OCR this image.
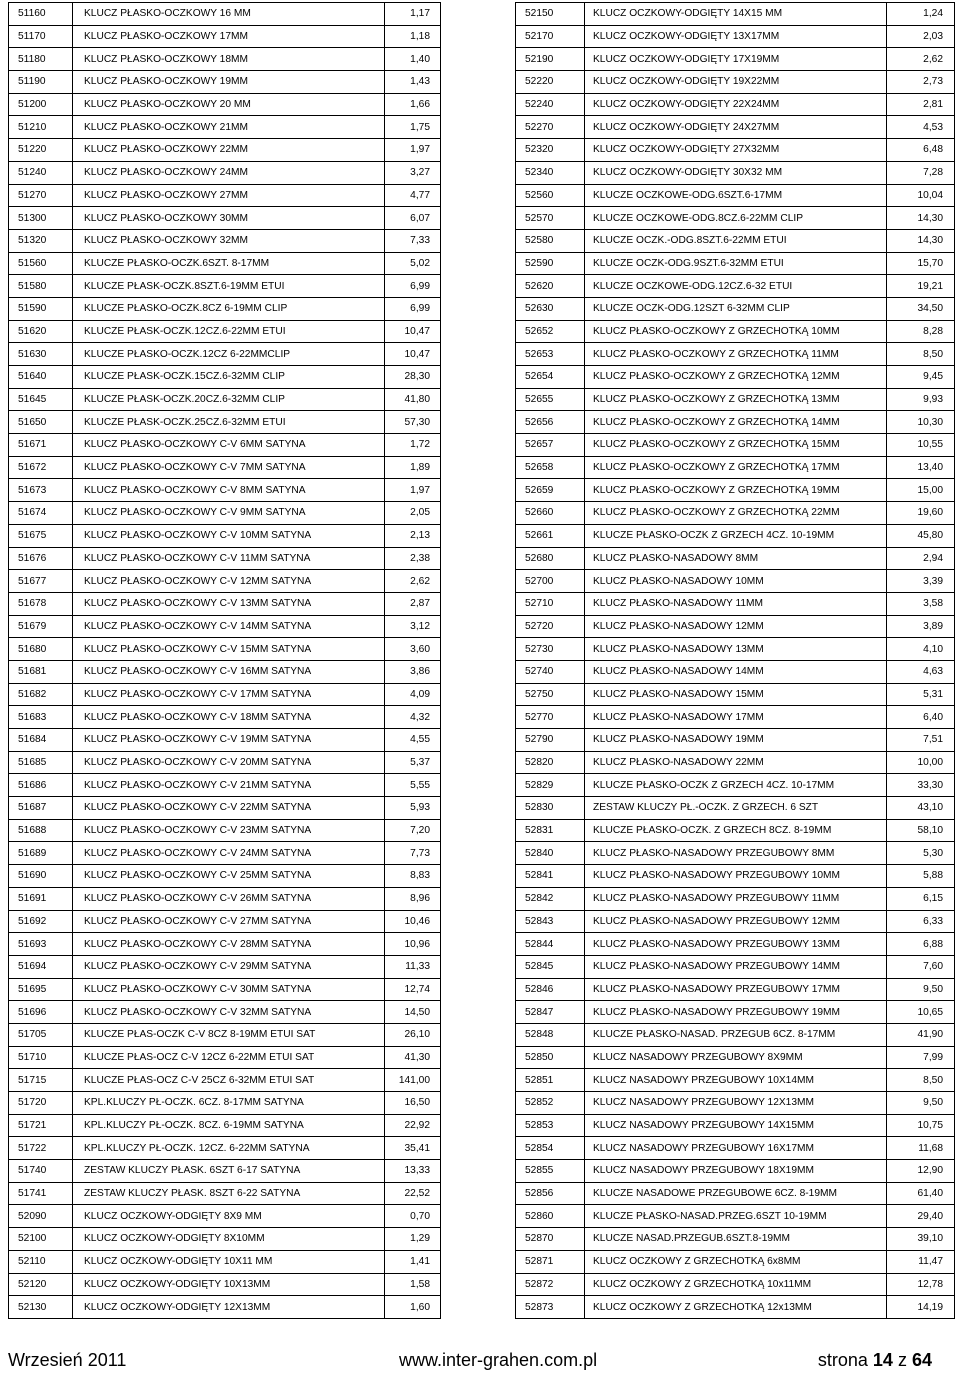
51160	KLUCZ PŁASKO-OCZKOWY 16 MM	1,17
51170	KLUCZ PŁASKO-OCZKOWY 17MM	1,18
51180	KLUCZ PŁASKO-OCZKOWY 18MM	1,40
51190	KLUCZ PŁASKO-OCZKOWY 19MM	1,43
51200	KLUCZ PŁASKO-OCZKOWY 20 MM	1,66
51210	KLUCZ PŁASKO-OCZKOWY 21MM	1,75
51220	KLUCZ PŁASKO-OCZKOWY 22MM	1,97
51240	KLUCZ PŁASKO-OCZKOWY 24MM	3,27
51270	KLUCZ PŁASKO-OCZKOWY 27MM	4,77
51300	KLUCZ PŁASKO-OCZKOWY 30MM	6,07
51320	KLUCZ PŁASKO-OCZKOWY 32MM	7,33
51560	KLUCZE PŁASKO-OCZK.6SZT. 8-17MM	5,02
51580	KLUCZE PŁASK-OCZK.8SZT.6-19MM ETUI	6,99
51590	KLUCZE PŁASKO-OCZK.8CZ 6-19MM CLIP	6,99
51620	KLUCZE PŁASK-OCZK.12CZ.6-22MM ETUI	10,47
51630	KLUCZE PŁASKO-OCZK.12CZ 6-22MMCLIP	10,47
51640	KLUCZE PŁASK-OCZK.15CZ.6-32MM CLIP	28,30
51645	KLUCZE PŁASK-OCZK.20CZ.6-32MM CLIP	41,80
51650	KLUCZE PŁASK-OCZK.25CZ.6-32MM ETUI	57,30
51671	KLUCZ PŁASKO-OCZKOWY C-V 6MM SATYNA	1,72
51672	KLUCZ PŁASKO-OCZKOWY C-V 7MM SATYNA	1,89
51673	KLUCZ PŁASKO-OCZKOWY C-V 8MM SATYNA	1,97
51674	KLUCZ PŁASKO-OCZKOWY C-V 9MM SATYNA	2,05
51675	KLUCZ PŁASKO-OCZKOWY C-V 10MM SATYNA	2,13
51676	KLUCZ PŁASKO-OCZKOWY C-V 11MM SATYNA	2,38
51677	KLUCZ PŁASKO-OCZKOWY C-V 12MM SATYNA	2,62
51678	KLUCZ PŁASKO-OCZKOWY C-V 13MM SATYNA	2,87
51679	KLUCZ PŁASKO-OCZKOWY C-V 14MM SATYNA	3,12
51680	KLUCZ PŁASKO-OCZKOWY C-V 15MM SATYNA	3,60
51681	KLUCZ PŁASKO-OCZKOWY C-V 16MM SATYNA	3,86
51682	KLUCZ PŁASKO-OCZKOWY C-V 17MM SATYNA	4,09
51683	KLUCZ PŁASKO-OCZKOWY C-V 18MM SATYNA	4,32
51684	KLUCZ PŁASKO-OCZKOWY C-V 19MM SATYNA	4,55
51685	KLUCZ PŁASKO-OCZKOWY C-V 20MM SATYNA	5,37
51686	KLUCZ PŁASKO-OCZKOWY C-V 21MM SATYNA	5,55
51687	KLUCZ PŁASKO-OCZKOWY C-V 22MM SATYNA	5,93
51688	KLUCZ PŁASKO-OCZKOWY C-V 23MM SATYNA	7,20
51689	KLUCZ PŁASKO-OCZKOWY C-V 24MM SATYNA	7,73
51690	KLUCZ PŁASKO-OCZKOWY C-V 25MM SATYNA	8,83
51691	KLUCZ PŁASKO-OCZKOWY C-V 26MM SATYNA	8,96
51692	KLUCZ PŁASKO-OCZKOWY C-V 27MM SATYNA	10,46
51693	KLUCZ PŁASKO-OCZKOWY C-V 28MM SATYNA	10,96
51694	KLUCZ PŁASKO-OCZKOWY C-V 29MM SATYNA	11,33
51695	KLUCZ PŁASKO-OCZKOWY C-V 30MM SATYNA	12,74
51696	KLUCZ PŁASKO-OCZKOWY C-V 32MM SATYNA	14,50
51705	KLUCZE PŁAS-OCZK C-V 8CZ 8-19MM ETUI SAT	26,10
51710	KLUCZE PŁAS-OCZ C-V 12CZ 6-22MM ETUI SAT	41,30
51715	KLUCZE PŁAS-OCZ C-V 25CZ 6-32MM ETUI SAT	141,00
51720	KPL.KLUCZY PŁ-OCZK. 6CZ. 8-17MM SATYNA	16,50
51721	KPL.KLUCZY PŁ-OCZK. 8CZ. 6-19MM SATYNA	22,92
51722	KPL.KLUCZY PŁ-OCZK. 12CZ. 6-22MM SATYNA	35,41
51740	ZESTAW KLUCZY PŁASK. 6SZT 6-17 SATYNA	13,33
51741	ZESTAW KLUCZY PŁASK. 8SZT 6-22 SATYNA	22,52
52090	KLUCZ OCZKOWY-ODGIĘTY 8X9 MM	0,70
52100	KLUCZ OCZKOWY-ODGIĘTY 8X10MM	1,29
52110	KLUCZ OCZKOWY-ODGIĘTY 10X11 MM	1,41
52120	KLUCZ OCZKOWY-ODGIĘTY 10X13MM	1,58
52130	KLUCZ OCZKOWY-ODGIĘTY 12X13MM	1,60
52150	KLUCZ OCZKOWY-ODGIĘTY 14X15 MM	1,24
52170	KLUCZ OCZKOWY-ODGIĘTY 13X17MM	2,03
52190	KLUCZ OCZKOWY-ODGIĘTY 17X19MM	2,62
52220	KLUCZ OCZKOWY-ODGIĘTY 19X22MM	2,73
52240	KLUCZ OCZKOWY-ODGIĘTY 22X24MM	2,81
52270	KLUCZ OCZKOWY-ODGIĘTY 24X27MM	4,53
52320	KLUCZ OCZKOWY-ODGIĘTY 27X32MM	6,48
52340	KLUCZ OCZKOWY-ODGIĘTY 30X32 MM	7,28
52560	KLUCZE OCZKOWE-ODG.6SZT.6-17MM	10,04
52570	KLUCZE OCZKOWE-ODG.8CZ.6-22MM CLIP	14,30
52580	KLUCZE OCZK.-ODG.8SZT.6-22MM ETUI	14,30
52590	KLUCZE OCZK-ODG.9SZT.6-32MM ETUI	15,70
52620	KLUCZE OCZKOWE-ODG.12CZ.6-32 ETUI	19,21
52630	KLUCZE OCZK-ODG.12SZT 6-32MM CLIP	34,50
52652	KLUCZ PŁASKO-OCZKOWY Z GRZECHOTKĄ 10MM	8,28
52653	KLUCZ PŁASKO-OCZKOWY Z GRZECHOTKĄ 11MM	8,50
52654	KLUCZ PŁASKO-OCZKOWY Z GRZECHOTKĄ 12MM	9,45
52655	KLUCZ PŁASKO-OCZKOWY Z GRZECHOTKĄ 13MM	9,93
52656	KLUCZ PŁASKO-OCZKOWY Z GRZECHOTKĄ 14MM	10,30
52657	KLUCZ PŁASKO-OCZKOWY Z GRZECHOTKĄ 15MM	10,55
52658	KLUCZ PŁASKO-OCZKOWY Z GRZECHOTKĄ 17MM	13,40
52659	KLUCZ PŁASKO-OCZKOWY Z GRZECHOTKĄ 19MM	15,00
52660	KLUCZ PŁASKO-OCZKOWY Z GRZECHOTKĄ 22MM	19,60
52661	KLUCZE PŁASKO-OCZK Z GRZECH 4CZ. 10-19MM	45,80
52680	KLUCZ PŁASKO-NASADOWY 8MM	2,94
52700	KLUCZ PŁASKO-NASADOWY 10MM	3,39
52710	KLUCZ PŁASKO-NASADOWY 11MM	3,58
52720	KLUCZ PŁASKO-NASADOWY 12MM	3,89
52730	KLUCZ PŁASKO-NASADOWY 13MM	4,10
52740	KLUCZ PŁASKO-NASADOWY 14MM	4,63
52750	KLUCZ PŁASKO-NASADOWY 15MM	5,31
52770	KLUCZ PŁASKO-NASADOWY 17MM	6,40
52790	KLUCZ PŁASKO-NASADOWY 19MM	7,51
52820	KLUCZ PŁASKO-NASADOWY 22MM	10,00
52829	KLUCZE PŁASKO-OCZK Z GRZECH 4CZ. 10-17MM	33,30
52830	ZESTAW KLUCZY PŁ.-OCZK. Z GRZECH. 6 SZT	43,10
52831	KLUCZE PŁASKO-OCZK. Z GRZECH 8CZ. 8-19MM	58,10
52840	KLUCZ PŁASKO-NASADOWY PRZEGUBOWY 8MM	5,30
52841	KLUCZ PŁASKO-NASADOWY PRZEGUBOWY 10MM	5,88
52842	KLUCZ PŁASKO-NASADOWY PRZEGUBOWY 11MM	6,15
52843	KLUCZ PŁASKO-NASADOWY PRZEGUBOWY 12MM	6,33
52844	KLUCZ PŁASKO-NASADOWY PRZEGUBOWY 13MM	6,88
52845	KLUCZ PŁASKO-NASADOWY PRZEGUBOWY 14MM	7,60
52846	KLUCZ PŁASKO-NASADOWY PRZEGUBOWY 17MM	9,50
52847	KLUCZ PŁASKO-NASADOWY PRZEGUBOWY 19MM	10,65
52848	KLUCZE PŁASKO-NASAD. PRZEGUB 6CZ. 8-17MM	41,90
52850	KLUCZ NASADOWY PRZEGUBOWY 8X9MM	7,99
52851	KLUCZ NASADOWY PRZEGUBOWY 10X14MM	8,50
52852	KLUCZ NASADOWY PRZEGUBOWY 12X13MM	9,50
52853	KLUCZ NASADOWY PRZEGUBOWY 14X15MM	10,75
52854	KLUCZ NASADOWY PRZEGUBOWY 16X17MM	11,68
52855	KLUCZ NASADOWY PRZEGUBOWY 18X19MM	12,90
52856	KLUCZE NASADOWE PRZEGUBOWE 6CZ. 8-19MM	61,40
52860	KLUCZE PŁASKO-NASAD.PRZEG.6SZT 10-19MM	29,40
52870	KLUCZE NASAD.PRZEGUB.6SZT.8-19MM	39,10
52871	KLUCZ OCZKOWY Z GRZECHOTKĄ 6x8MM	11,47
52872	KLUCZ OCZKOWY Z GRZECHOTKĄ 10x11MM	12,78
52873	KLUCZ OCZKOWY Z GRZECHOTKĄ 12x13MM	14,19
Wrzesień 2011	www.inter-grahen.com.pl	strona 14 z 64
